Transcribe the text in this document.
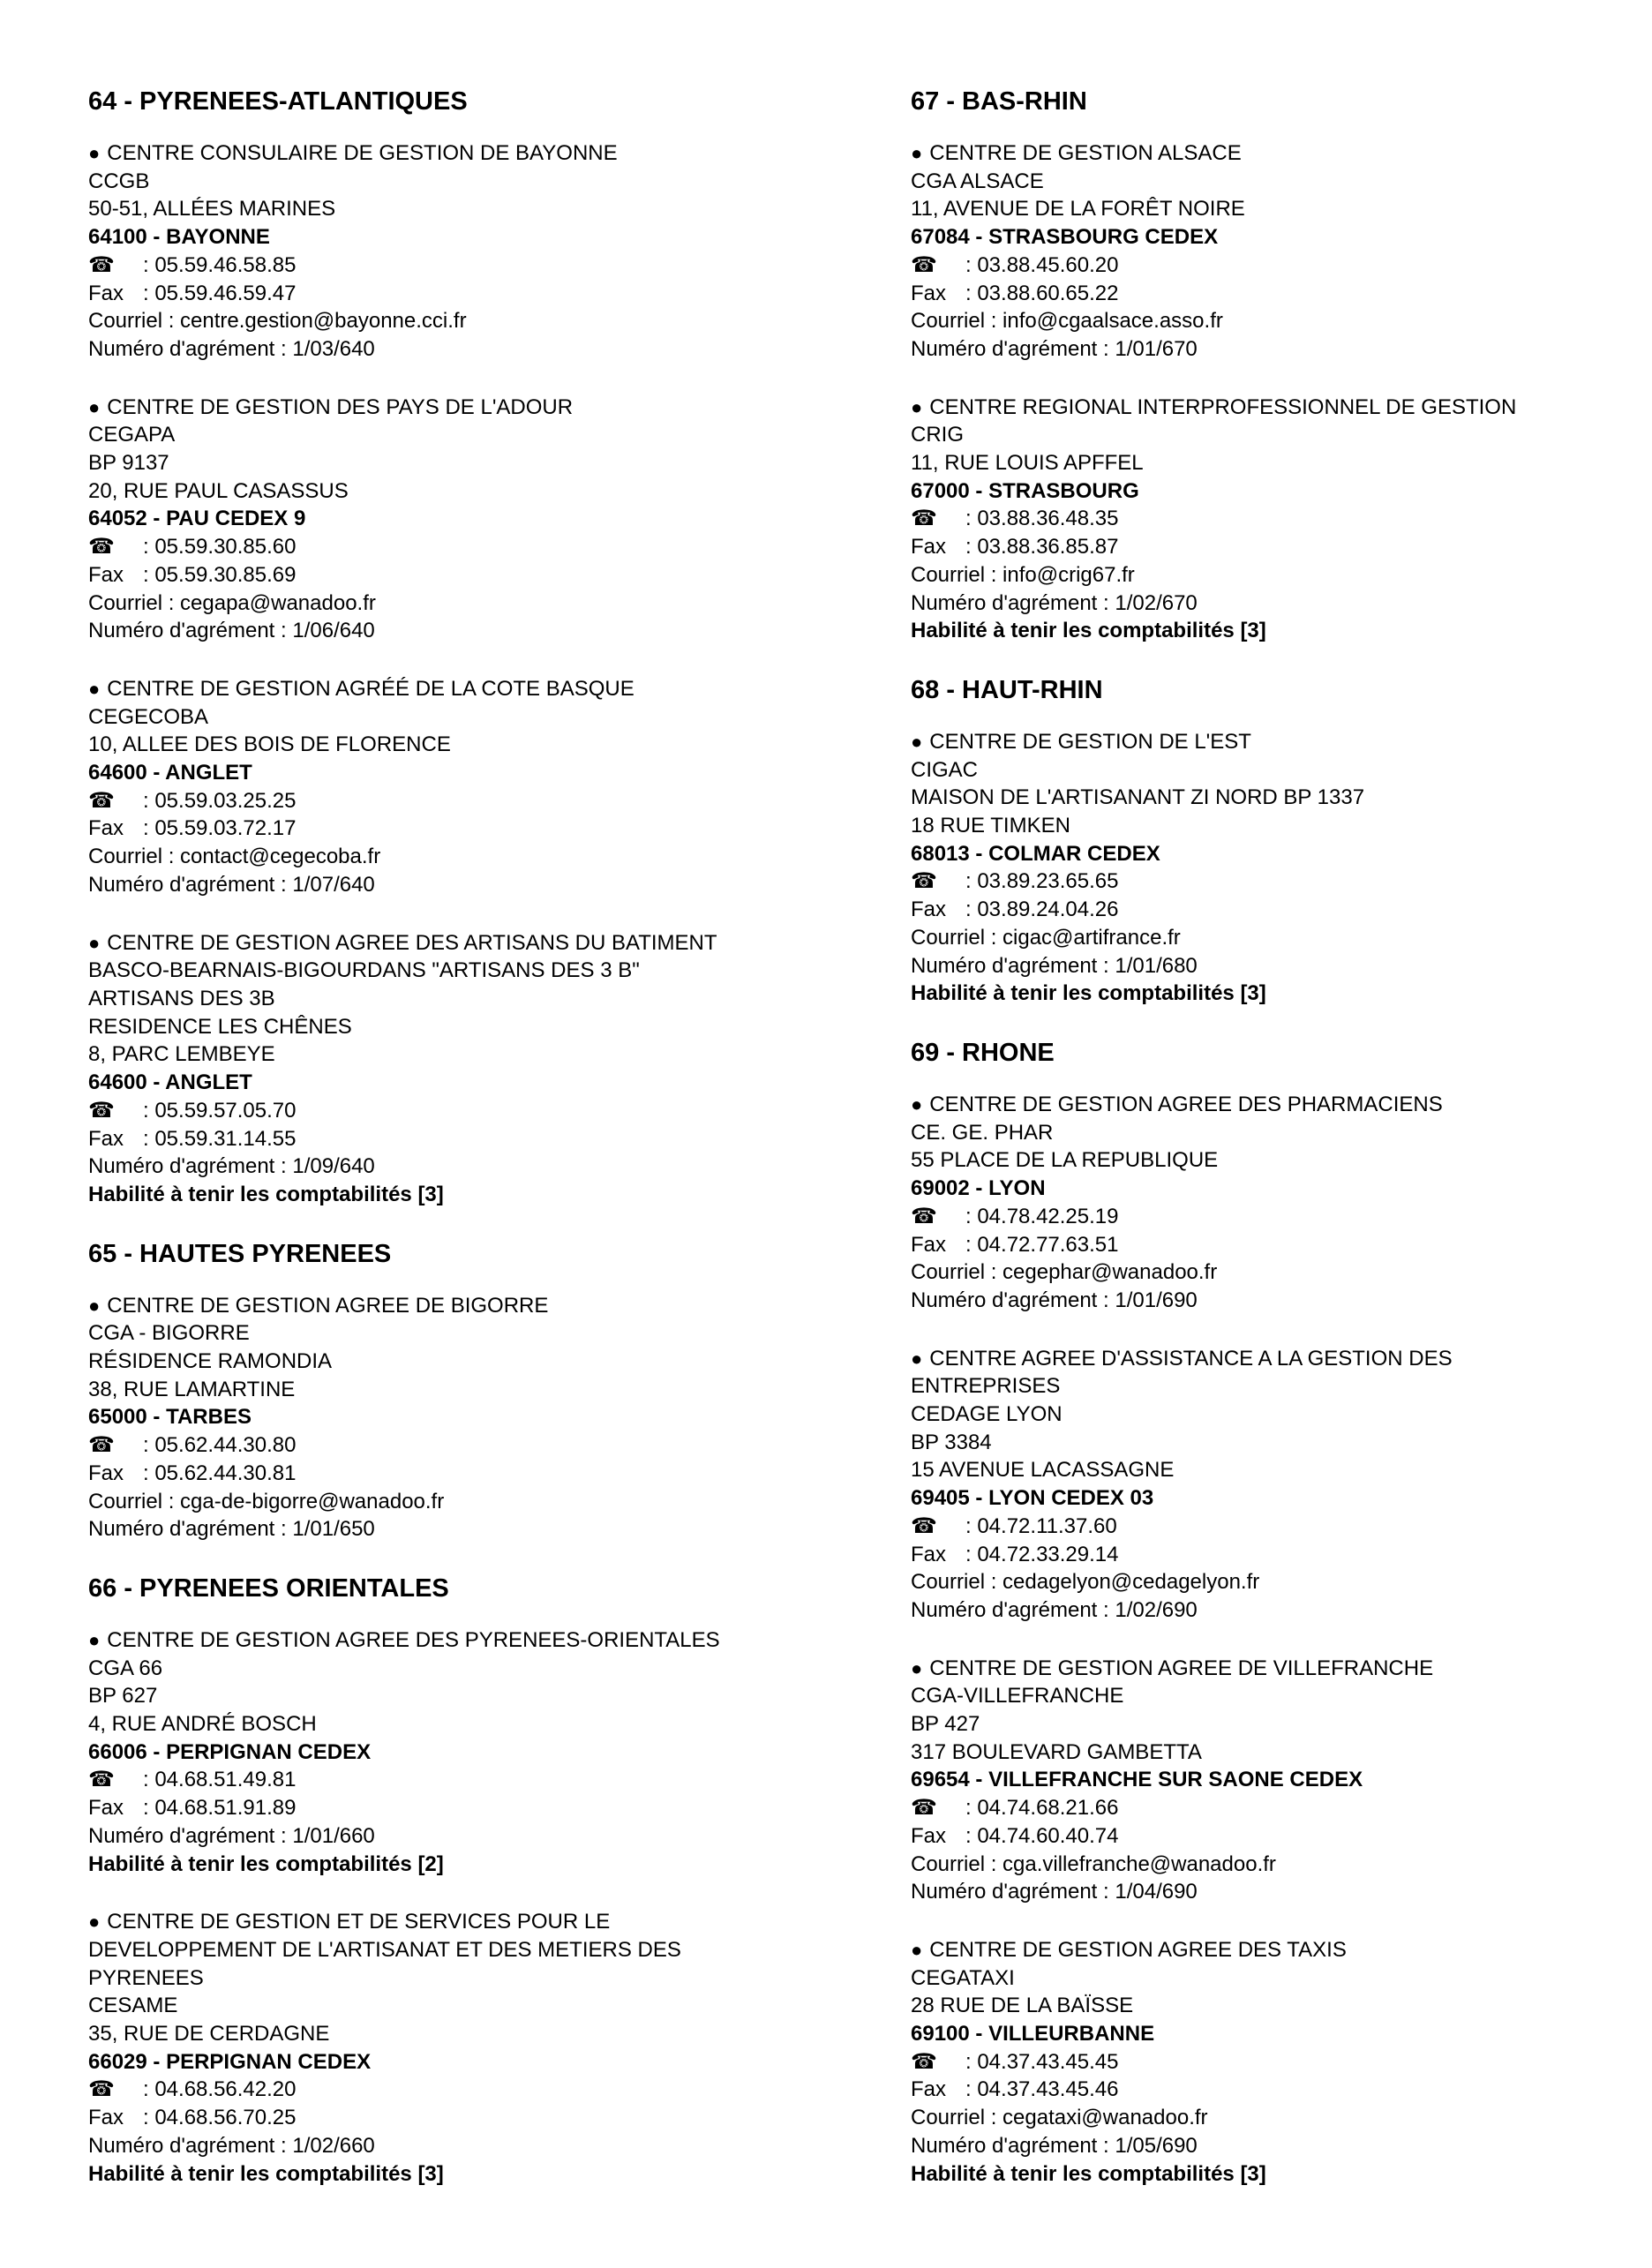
64 - PYRENEES-ATLANTIQUES
● CENTRE CONSULAIRE DE GESTION DE BAYONNE
CCGB
50-51, ALLÉES MARINES
64100 - BAYONNE
☎ : 05.59.46.58.85
Fax : 05.59.46.59.47
Courriel : centre.gestion@bayonne.cci.fr
Numéro d'agrément : 1/03/640
● CENTRE DE GESTION DES PAYS DE L'ADOUR
CEGAPA
BP 9137
20, RUE PAUL CASASSUS
64052 - PAU CEDEX 9
☎ : 05.59.30.85.60
Fax : 05.59.30.85.69
Courriel : cegapa@wanadoo.fr
Numéro d'agrément : 1/06/640
● CENTRE DE GESTION AGRÉÉ DE LA COTE BASQUE
CEGECOBA
10, ALLEE DES BOIS DE FLORENCE
64600 - ANGLET
☎ : 05.59.03.25.25
Fax : 05.59.03.72.17
Courriel : contact@cegecoba.fr
Numéro d'agrément : 1/07/640
● CENTRE DE GESTION AGREE DES ARTISANS DU BATIMENT
BASCO-BEARNAIS-BIGOURDANS "ARTISANS DES 3 B"
ARTISANS DES 3B
RESIDENCE LES CHÊNES
8, PARC LEMBEYE
64600 - ANGLET
☎ : 05.59.57.05.70
Fax : 05.59.31.14.55
Numéro d'agrément : 1/09/640
Habilité à tenir les comptabilités [3]
65 - HAUTES PYRENEES
● CENTRE DE GESTION AGREE DE BIGORRE
CGA - BIGORRE
RÉSIDENCE RAMONDIA
38, RUE LAMARTINE
65000 - TARBES
☎ : 05.62.44.30.80
Fax : 05.62.44.30.81
Courriel : cga-de-bigorre@wanadoo.fr
Numéro d'agrément : 1/01/650
66 - PYRENEES ORIENTALES
● CENTRE DE GESTION AGREE DES PYRENEES-ORIENTALES
CGA 66
BP 627
4, RUE ANDRÉ BOSCH
66006 - PERPIGNAN CEDEX
☎ : 04.68.51.49.81
Fax : 04.68.51.91.89
Numéro d'agrément : 1/01/660
Habilité à tenir les comptabilités [2]
● CENTRE DE GESTION ET DE SERVICES POUR LE
DEVELOPPEMENT DE L'ARTISANAT ET DES METIERS DES
PYRENEES
CESAME
35, RUE DE CERDAGNE
66029 - PERPIGNAN CEDEX
☎ : 04.68.56.42.20
Fax : 04.68.56.70.25
Numéro d'agrément : 1/02/660
Habilité à tenir les comptabilités [3]
67 - BAS-RHIN
● CENTRE DE GESTION ALSACE
CGA ALSACE
11, AVENUE DE LA FORÊT NOIRE
67084 - STRASBOURG CEDEX
☎ : 03.88.45.60.20
Fax : 03.88.60.65.22
Courriel : info@cgaalsace.asso.fr
Numéro d'agrément : 1/01/670
● CENTRE REGIONAL INTERPROFESSIONNEL DE GESTION
CRIG
11, RUE LOUIS APFFEL
67000 - STRASBOURG
☎ : 03.88.36.48.35
Fax : 03.88.36.85.87
Courriel : info@crig67.fr
Numéro d'agrément : 1/02/670
Habilité à tenir les comptabilités [3]
68 - HAUT-RHIN
● CENTRE DE GESTION DE L'EST
CIGAC
MAISON DE L'ARTISANANT ZI NORD BP 1337
18 RUE TIMKEN
68013 - COLMAR CEDEX
☎ : 03.89.23.65.65
Fax : 03.89.24.04.26
Courriel : cigac@artifrance.fr
Numéro d'agrément : 1/01/680
Habilité à tenir les comptabilités [3]
69 - RHONE
● CENTRE DE GESTION AGREE DES PHARMACIENS
CE. GE. PHAR
55 PLACE DE LA REPUBLIQUE
69002 - LYON
☎ : 04.78.42.25.19
Fax : 04.72.77.63.51
Courriel : cegephar@wanadoo.fr
Numéro d'agrément : 1/01/690
● CENTRE AGREE D'ASSISTANCE A LA GESTION DES
ENTREPRISES
CEDAGE LYON
BP 3384
15 AVENUE LACASSAGNE
69405 - LYON CEDEX 03
☎ : 04.72.11.37.60
Fax : 04.72.33.29.14
Courriel : cedagelyon@cedagelyon.fr
Numéro d'agrément : 1/02/690
● CENTRE DE GESTION AGREE DE VILLEFRANCHE
CGA-VILLEFRANCHE
BP 427
317 BOULEVARD GAMBETTA
69654 - VILLEFRANCHE SUR SAONE CEDEX
☎ : 04.74.68.21.66
Fax : 04.74.60.40.74
Courriel : cga.villefranche@wanadoo.fr
Numéro d'agrément : 1/04/690
● CENTRE DE GESTION AGREE DES TAXIS
CEGATAXI
28 RUE DE LA BAÏSSE
69100 - VILLEURBANNE
☎ : 04.37.43.45.45
Fax : 04.37.43.45.46
Courriel : cegataxi@wanadoo.fr
Numéro d'agrément : 1/05/690
Habilité à tenir les comptabilités [3]
